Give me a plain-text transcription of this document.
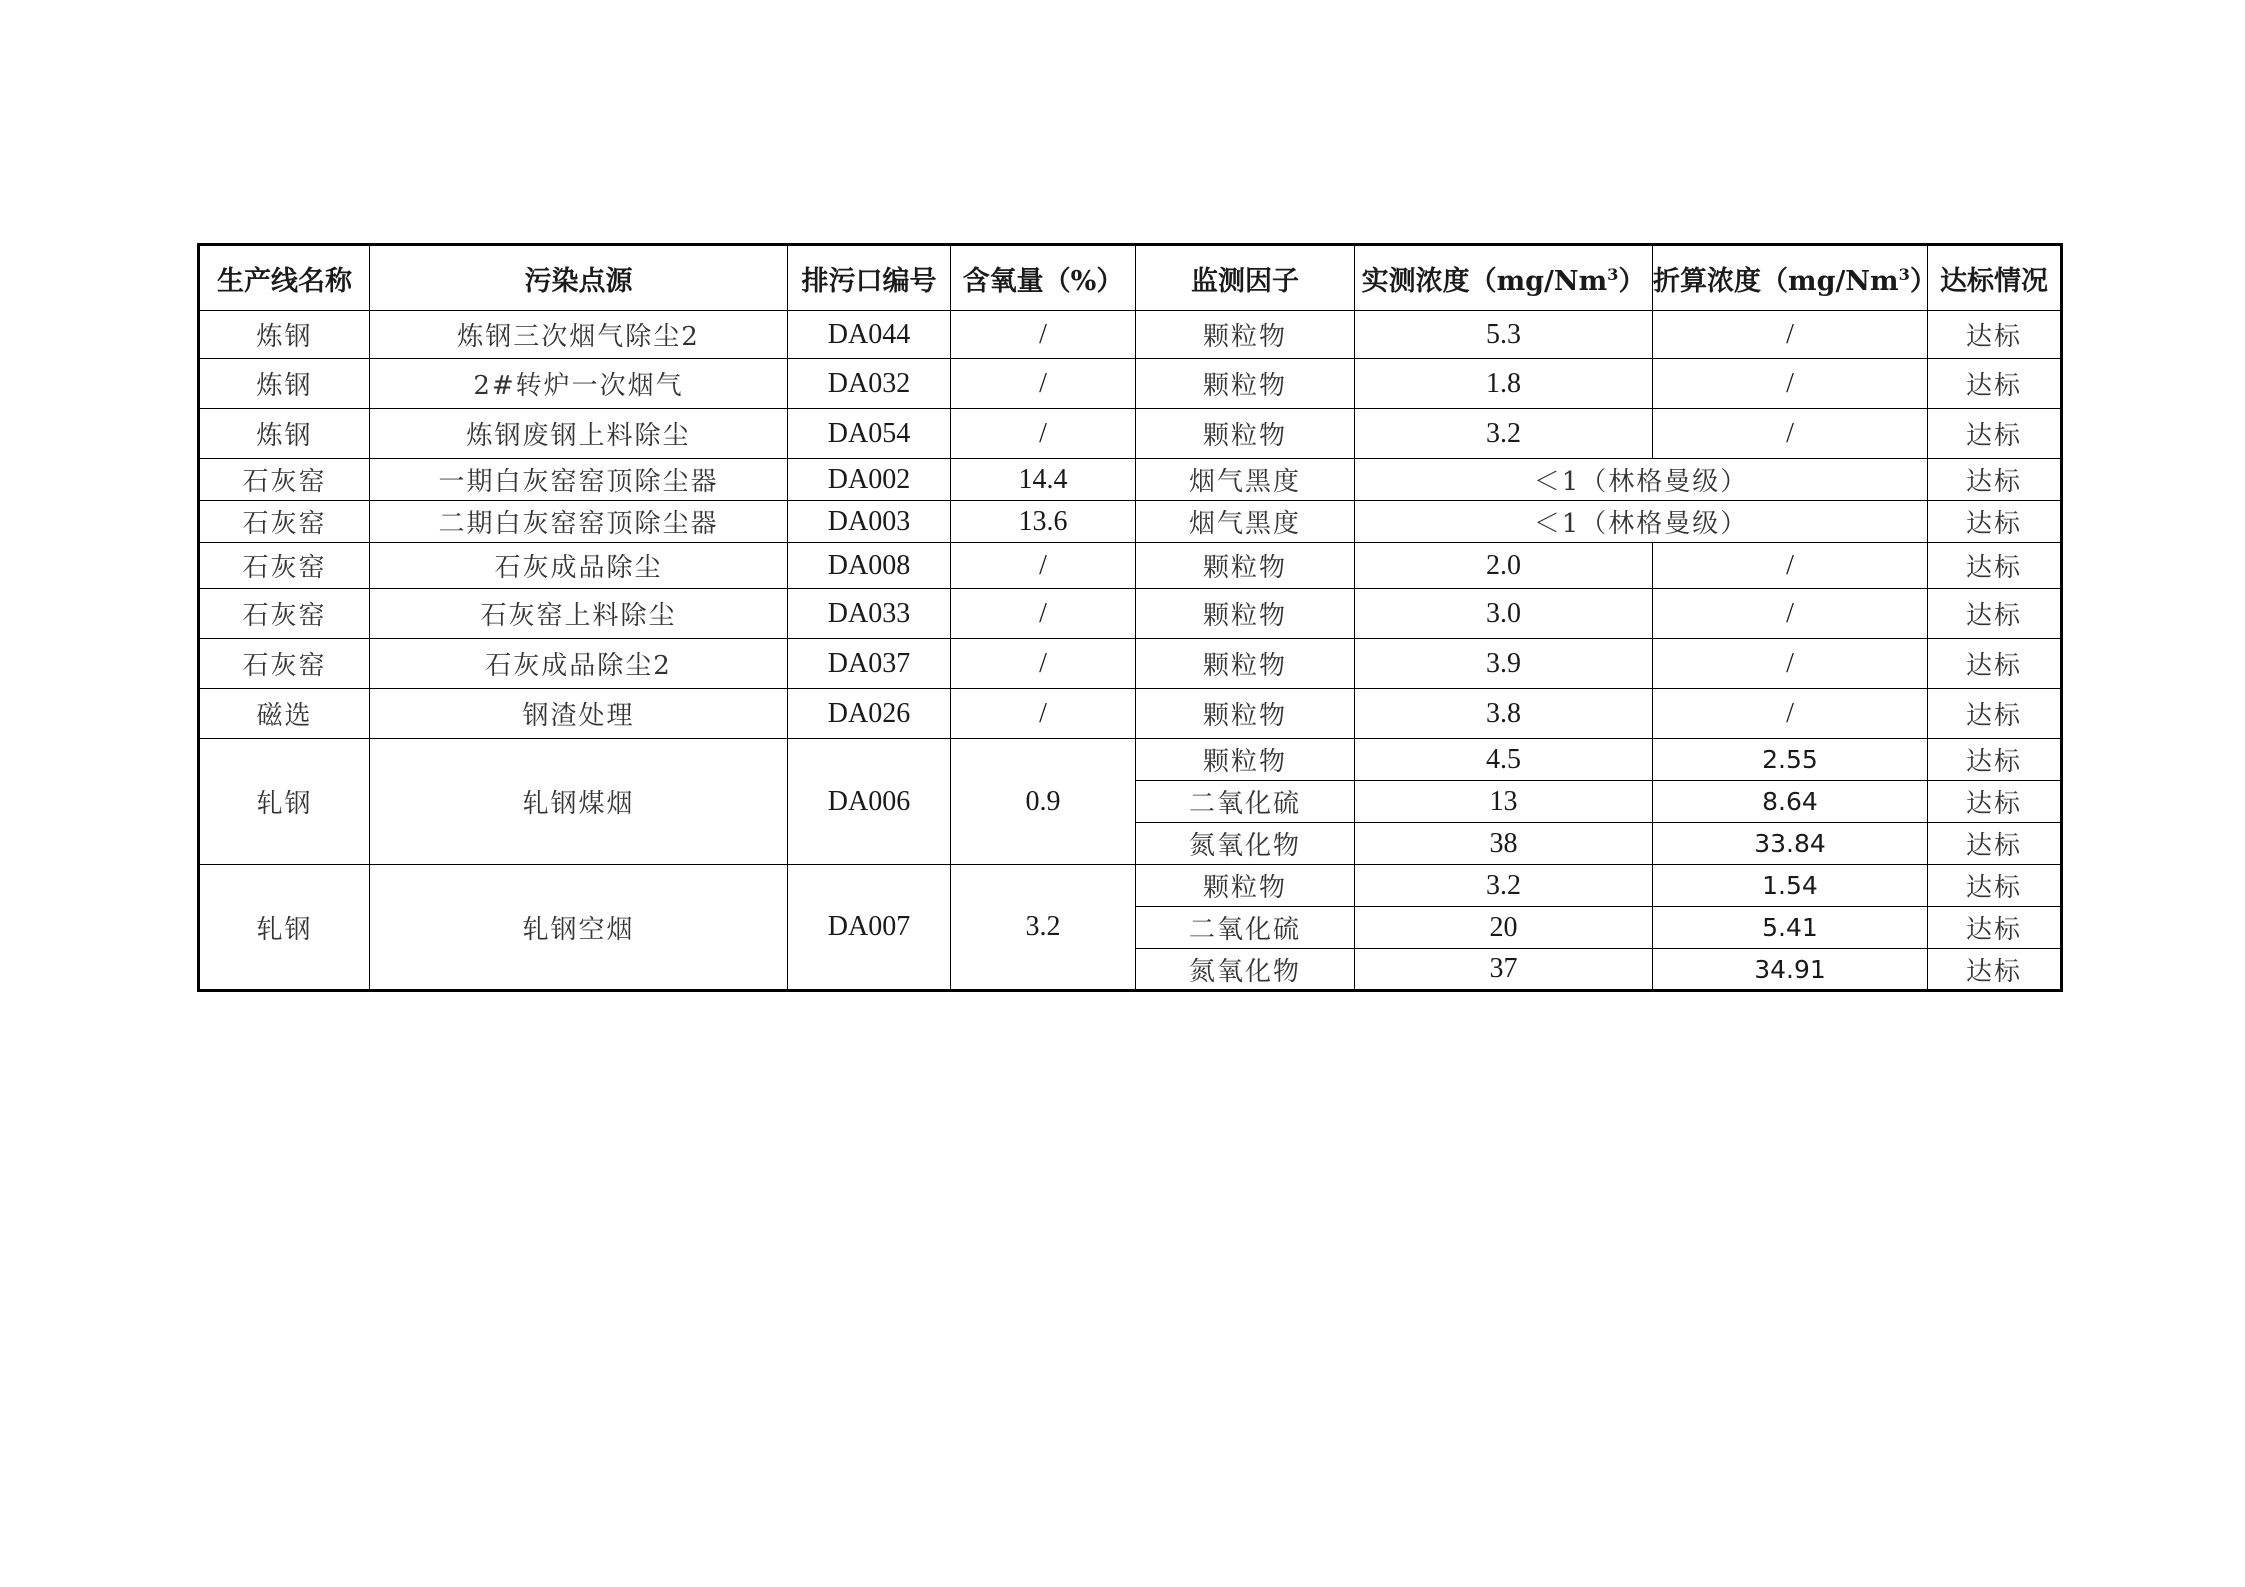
生产线名称	污染点源	排污口编号	含氧量（%）	监测因子	实测浓度（mg/Nm$^3$）	折算浓度（mg/Nm$^3$）	达标情况
炼钢	炼钢三次烟气除尘2	DA044	/	颗粒物	5.3	/	达标
炼钢	2#转炉一次烟气	DA032	/	颗粒物	1.8	/	达标
炼钢	炼钢废钢上料除尘	DA054	/	颗粒物	3.2	/	达标
石灰窑	一期白灰窑窑顶除尘器	DA002	14.4	烟气黑度	＜1（林格曼级）		达标
石灰窑	二期白灰窑窑顶除尘器	DA003	13.6	烟气黑度	＜1（林格曼级）		达标
石灰窑	石灰成品除尘	DA008	/	颗粒物	2.0	/	达标
石灰窑	石灰窑上料除尘	DA033	/	颗粒物	3.0	/	达标
石灰窑	石灰成品除尘2	DA037	/	颗粒物	3.9	/	达标
磁选	钢渣处理	DA026	/	颗粒物	3.8	/	达标
轧钢	轧钢煤烟	DA006	0.9	颗粒物	4.5	2.55	达标
				二氧化硫	13	8.64	达标
				氮氧化物	38	33.84	达标
轧钢	轧钢空烟	DA007	3.2	颗粒物	3.2	1.54	达标
				二氧化硫	20	5.41	达标
				氮氧化物	37	34.91	达标
